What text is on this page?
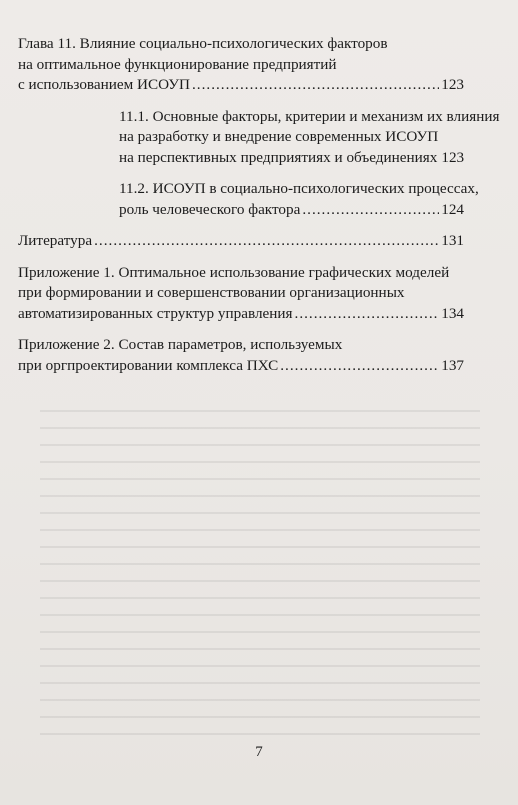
Глава 11. Влияние социально-психологических факторов
на оптимальное функционирование предприятий
с использованием ИСОУП .....	123
11.1. Основные факторы, критерии и механизм их влияния
на разработку и внедрение современных ИСОУП
на перспективных предприятиях и объединениях 123
11.2. ИСОУП в социально-психологических процессах,
роль человеческого фактора .....	124
Литература .....	131
Приложение 1. Оптимальное использование графических моделей
при формировании и совершенствовании организационных
автоматизированных структур управления .....	134
Приложение 2. Состав параметров, используемых
при оргпроектировании комплекса ПХС .....	137
7
